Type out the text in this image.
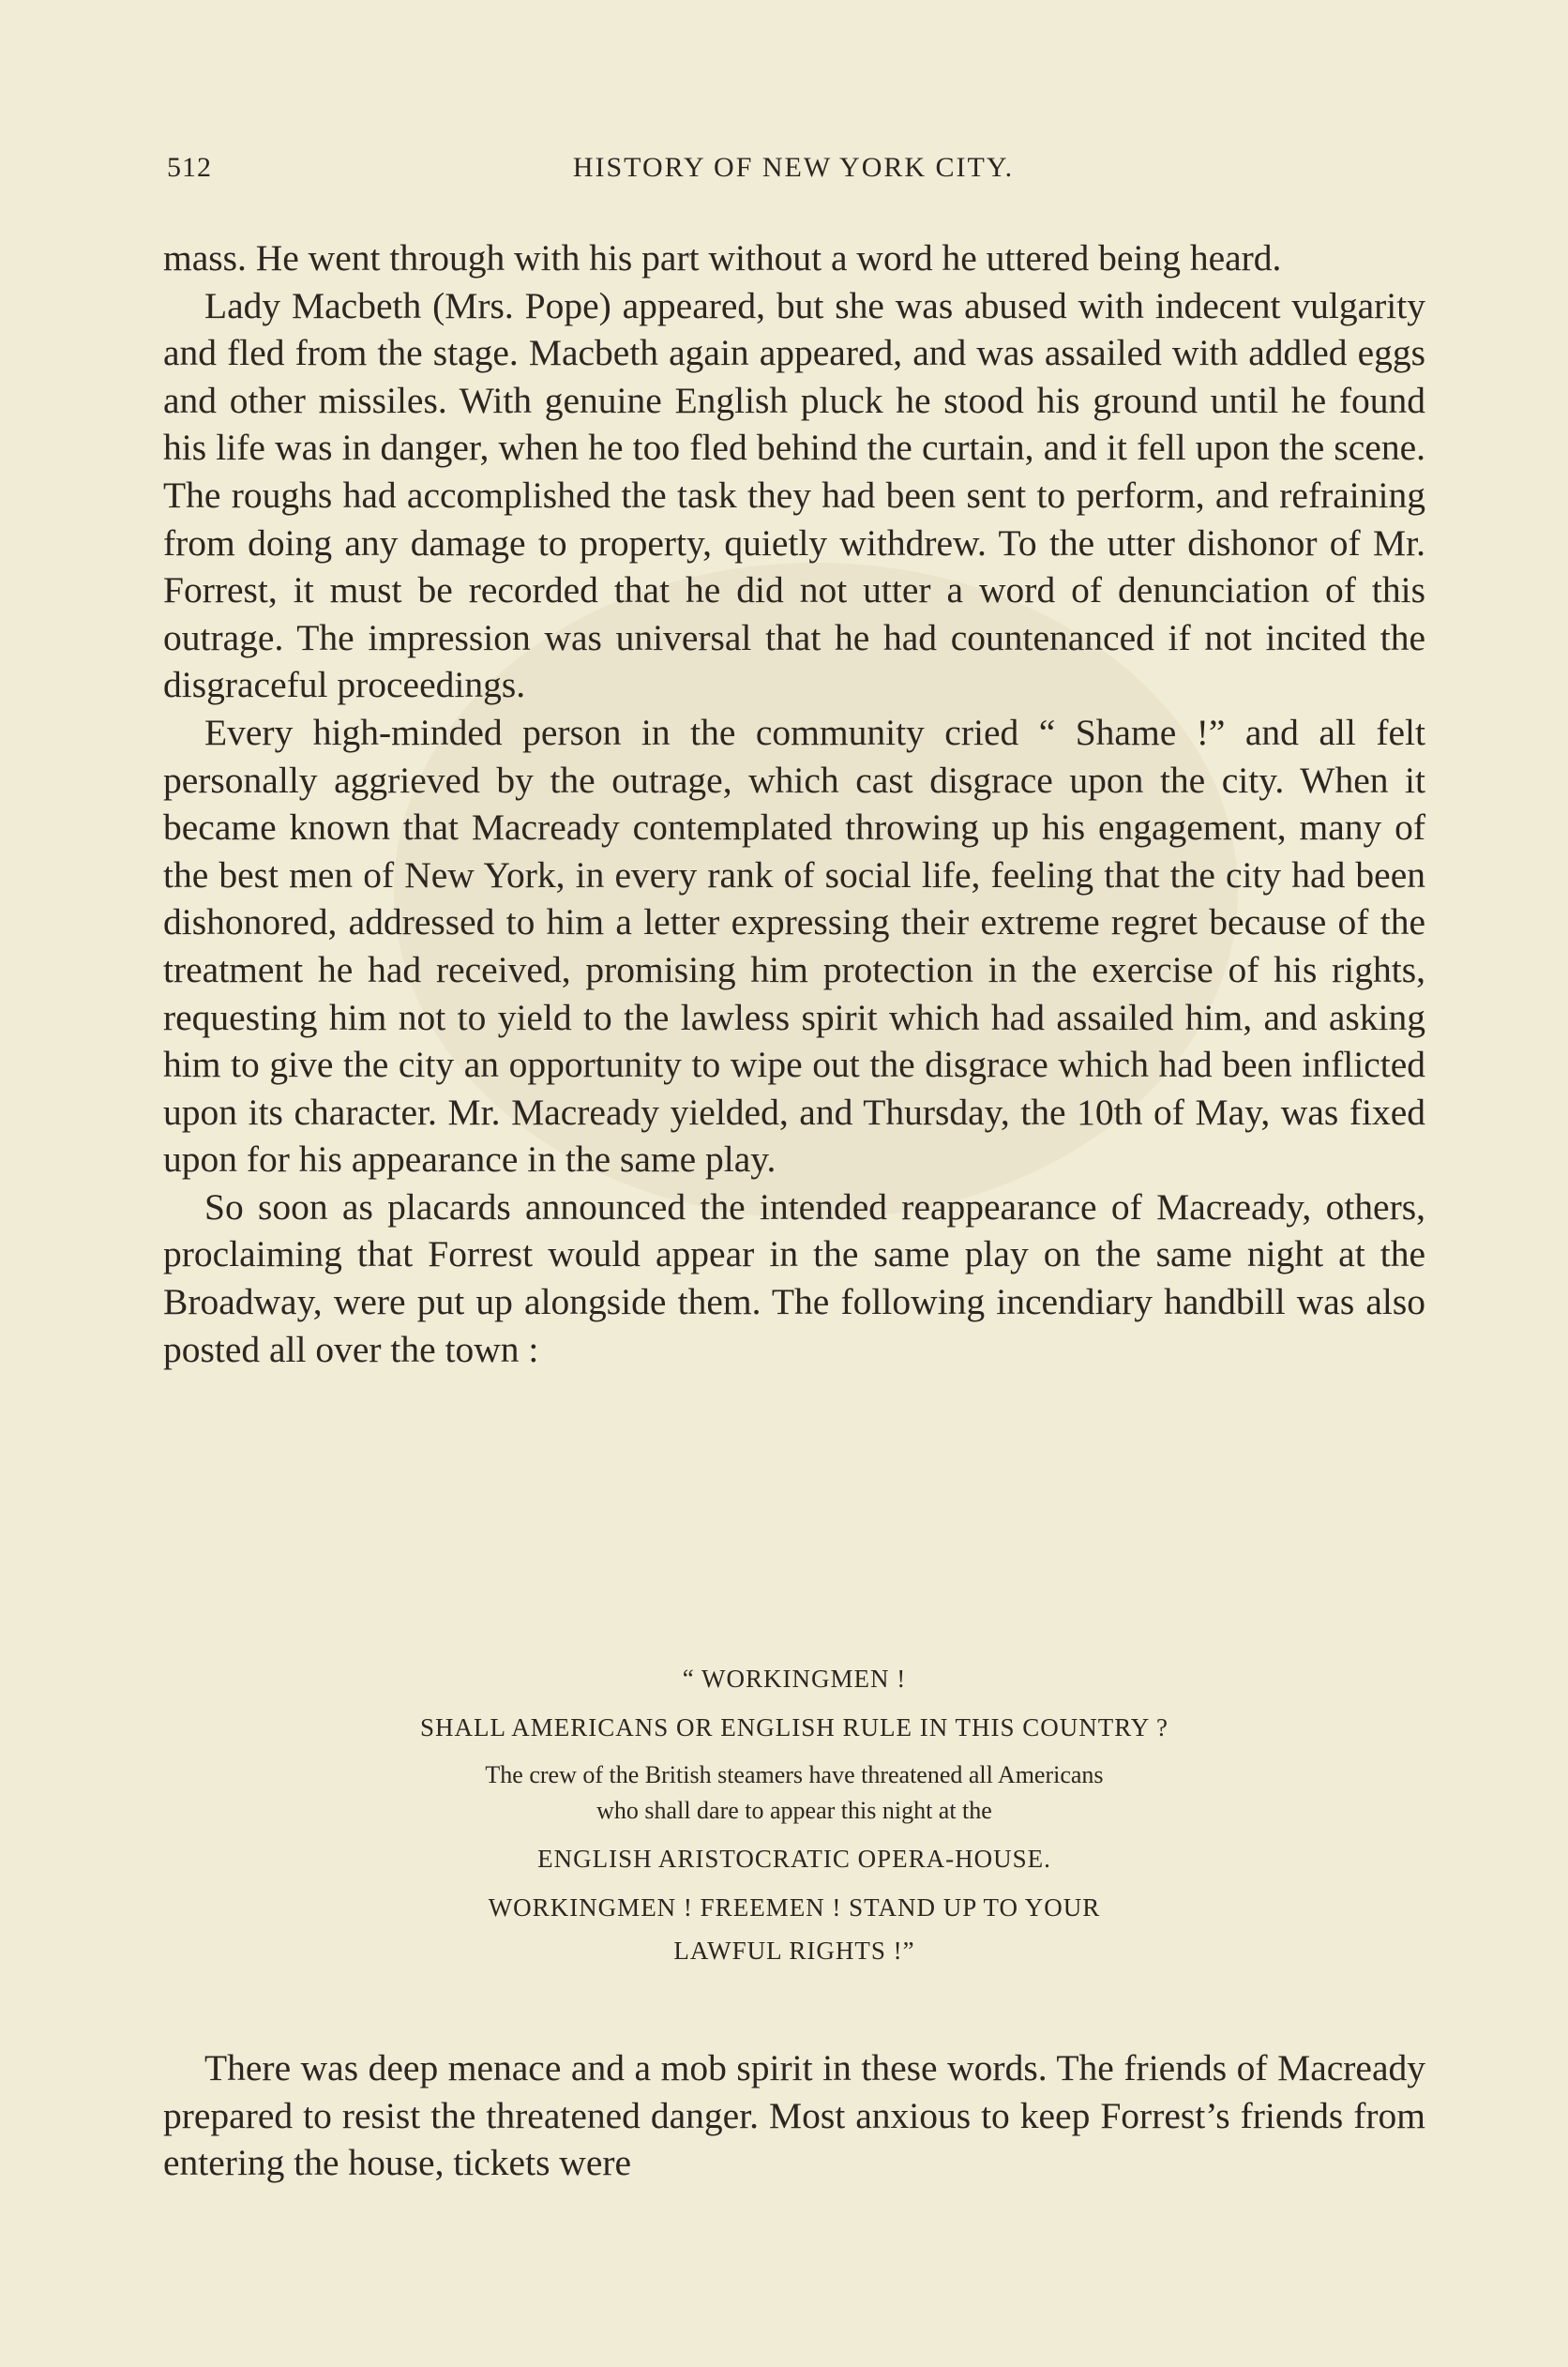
512	HISTORY OF NEW YORK CITY.

mass. He went through with his part without a word he uttered being heard.

Lady Macbeth (Mrs. Pope) appeared, but she was abused with indecent vulgarity and fled from the stage. Macbeth again appeared, and was assailed with addled eggs and other missiles. With genuine English pluck he stood his ground until he found his life was in danger, when he too fled behind the curtain, and it fell upon the scene. The roughs had accomplished the task they had been sent to perform, and refraining from doing any damage to property, quietly withdrew. To the utter dishonor of Mr. Forrest, it must be recorded that he did not utter a word of denunciation of this outrage. The impression was universal that he had countenanced if not incited the disgraceful proceedings.

Every high-minded person in the community cried “ Shame !” and all felt personally aggrieved by the outrage, which cast disgrace upon the city. When it became known that Macready contemplated throwing up his engagement, many of the best men of New York, in every rank of social life, feeling that the city had been dishonored, addressed to him a letter expressing their extreme regret because of the treatment he had received, promising him protection in the exercise of his rights, requesting him not to yield to the lawless spirit which had assailed him, and asking him to give the city an opportunity to wipe out the disgrace which had been inflicted upon its character. Mr. Macready yielded, and Thursday, the 10th of May, was fixed upon for his appearance in the same play.

So soon as placards announced the intended reappearance of Macready, others, proclaiming that Forrest would appear in the same play on the same night at the Broadway, were put up alongside them. The following incendiary handbill was also posted all over the town :

“ WORKINGMEN !
SHALL AMERICANS OR ENGLISH RULE IN THIS COUNTRY ?
The crew of the British steamers have threatened all Americans
who shall dare to appear this night at the
ENGLISH ARISTOCRATIC OPERA-HOUSE.
WORKINGMEN ! FREEMEN ! STAND UP TO YOUR
LAWFUL RIGHTS !”

There was deep menace and a mob spirit in these words. The friends of Macready prepared to resist the threatened danger. Most anxious to keep Forrest’s friends from entering the house, tickets were
